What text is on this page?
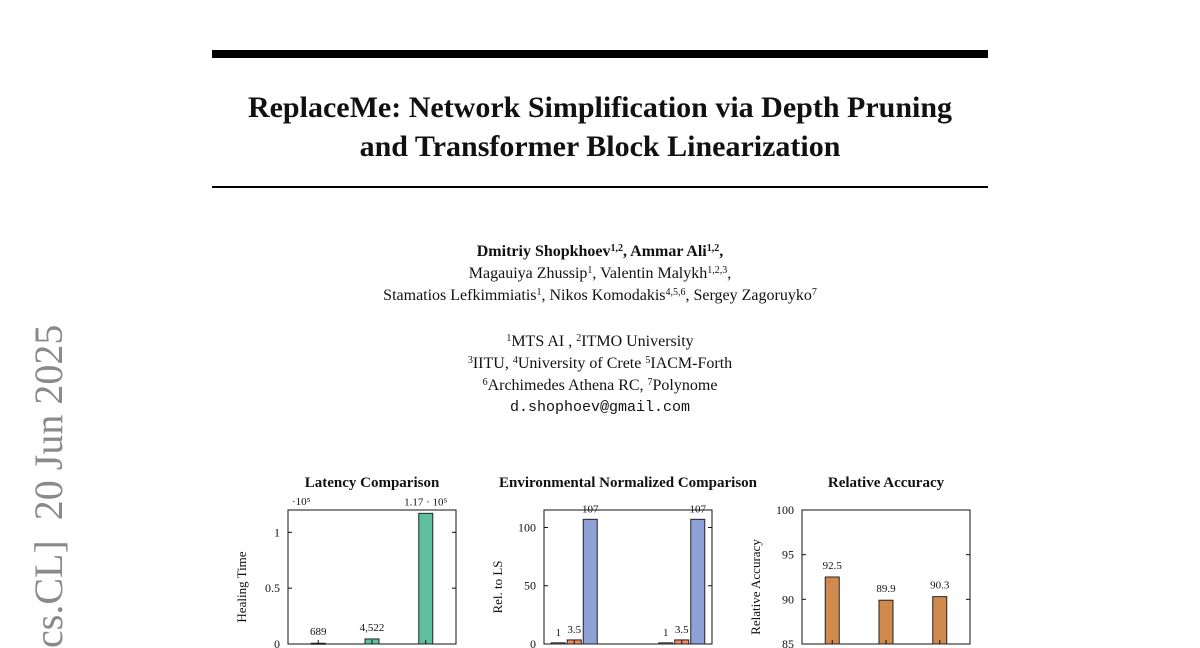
cs.CL]20 Jun 2025
ReplaceMe: Network Simplification via Depth Pruning
and Transformer Block Linearization
Dmitriy Shopkhoev$^{1,2}$, Ammar Ali$^{1,2}$,
Magauiya Zhussip$^1$, Valentin Malykh$^{1,2,3}$,
Stamatios Lefkimmiatis$^1$, Nikos Komodakis$^{4,5,6}$, Sergey Zagoruyko$^7$
$^1$MTS AI , $^2$ITMO University
$^3$IITU, $^4$University of Crete $^5$IACM-Forth
$^6$Archimedes Athena RC, $^7$Polynome
d.shophoev@gmail.com
Latency Comparison
Healing Time
0
0.5
1
·10⁵
689	4,522
1.17 · 10⁵
Environmental Normalized Comparison
Rel. to LS
0
50
100
1 3.5
107
1 3.5
107
Relative Accuracy
Relative Accuracy
85
90
95
100
92.5
89.9	90.3
